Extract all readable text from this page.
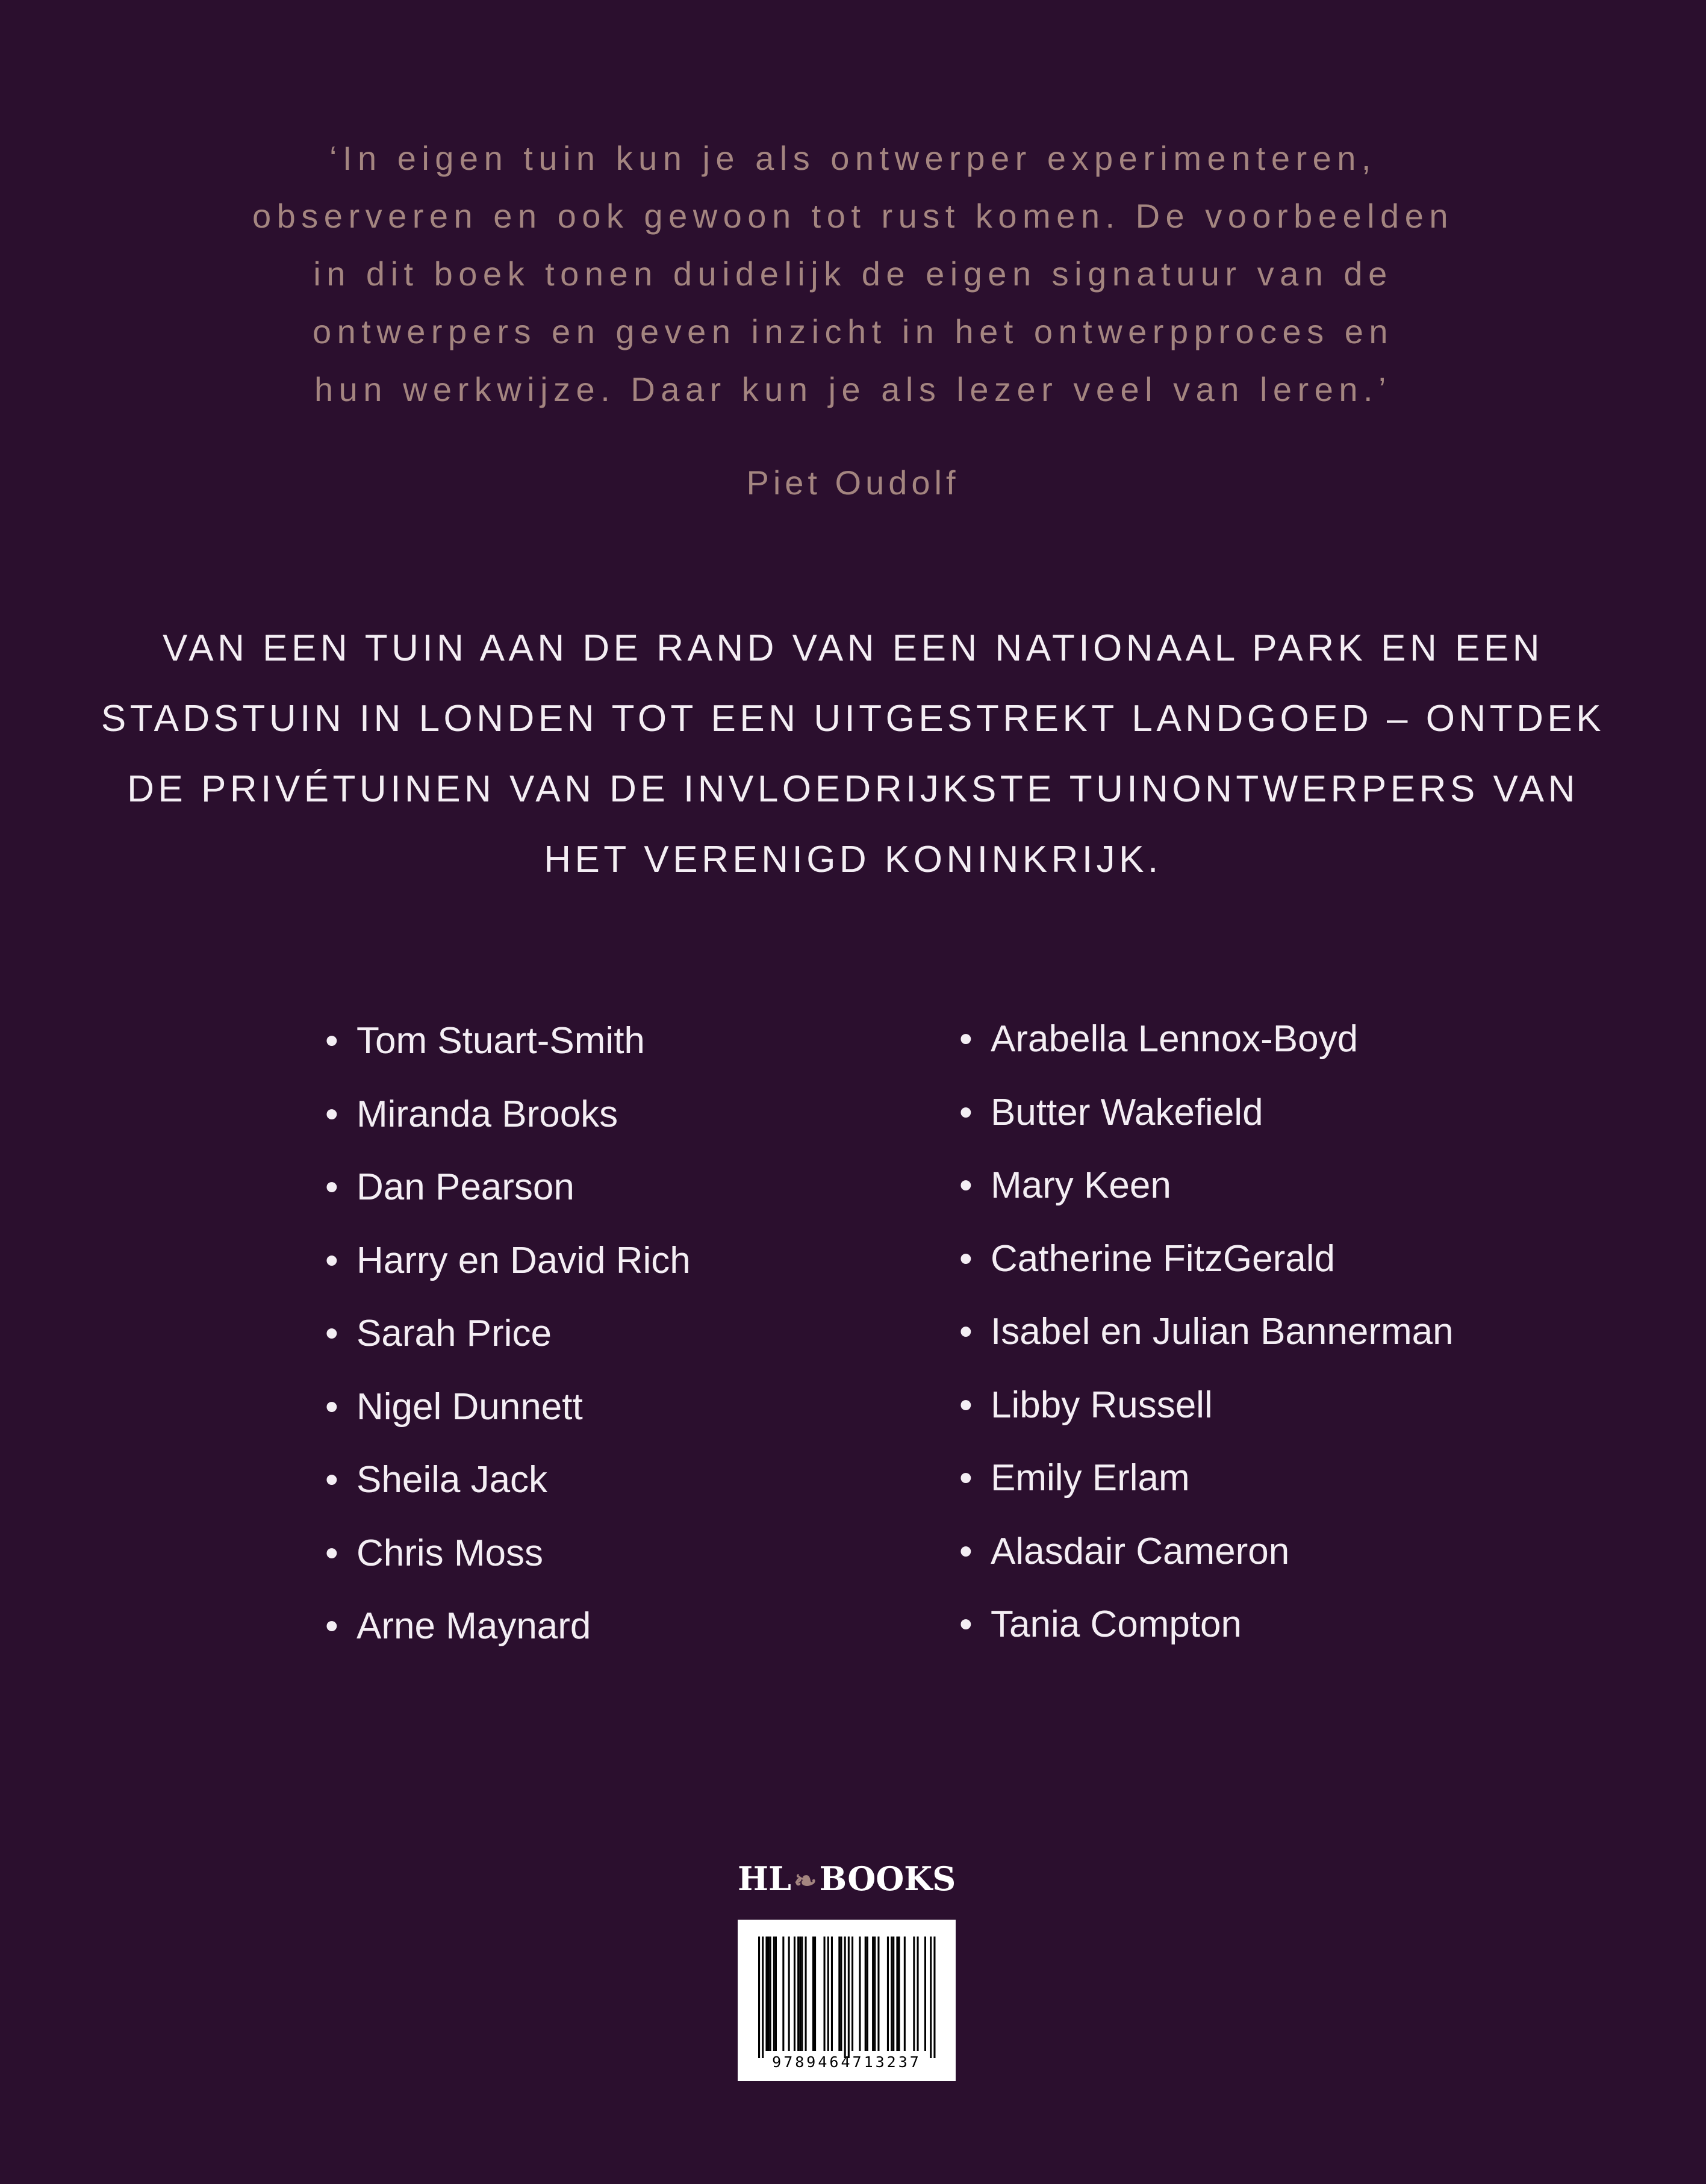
‘In eigen tuin kun je als ontwerper experimenteren,
observeren en ook gewoon tot rust komen. De voorbeelden
in dit boek tonen duidelijk de eigen signatuur van de
ontwerpers en geven inzicht in het ontwerpproces en
hun werkwijze. Daar kun je als lezer veel van leren.’
Piet Oudolf
VAN EEN TUIN AAN DE RAND VAN EEN NATIONAAL PARK EN EEN
STADSTUIN IN LONDEN TOT EEN UITGESTREKT LANDGOED – ONTDEK
DE PRIVÉTUINEN VAN DE INVLOEDRIJKSTE TUINONTWERPERS VAN
HET VERENIGD KONINKRIJK.
• Tom Stuart-Smith
• Miranda Brooks
• Dan Pearson
• Harry en David Rich
• Sarah Price
• Nigel Dunnett
• Sheila Jack
• Chris Moss
• Arne Maynard
• Arabella Lennox-Boyd
• Butter Wakefield
• Mary Keen
• Catherine FitzGerald
• Isabel en Julian Bannerman
• Libby Russell
• Emily Erlam
• Alasdair Cameron
• Tania Compton
HL❧BOOKS
9789464713237
